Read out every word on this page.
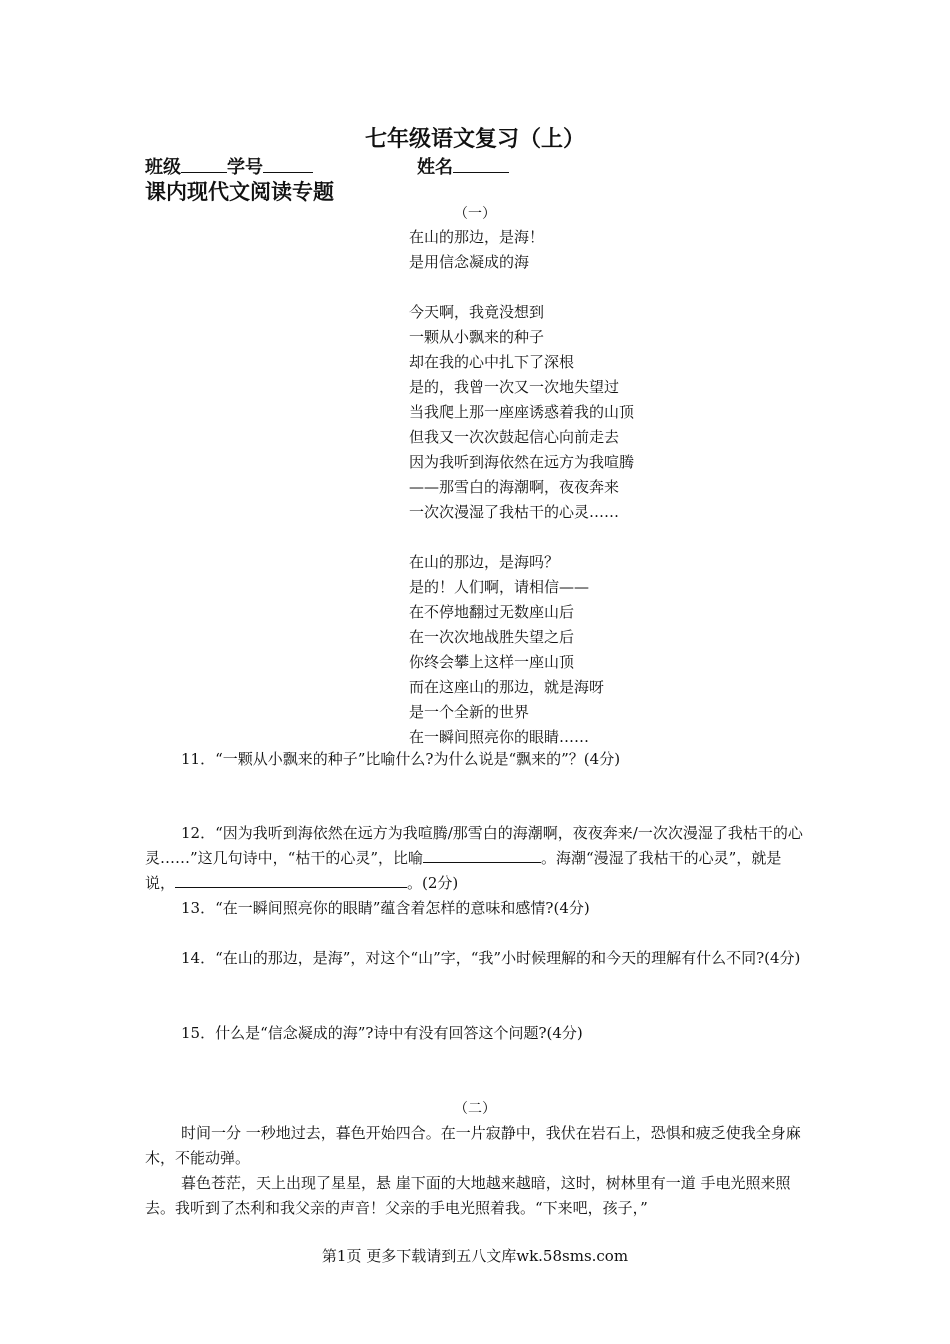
七年级语文复习（上）
班级	学号	姓名
课内现代文阅读专题
（一）
在山的那边，是海！
是用信念凝成的海
今天啊，我竟没想到
一颗从小飘来的种子
却在我的心中扎下了深根
是的，我曾一次又一次地失望过
当我爬上那一座座诱惑着我的山顶
但我又一次次鼓起信心向前走去
因为我听到海依然在远方为我喧腾
——那雪白的海潮啊，夜夜奔来
一次次漫湿了我枯干的心灵……
在山的那边，是海吗？
是的！人们啊，请相信——
在不停地翻过无数座山后
在一次次地战胜失望之后
你终会攀上这样一座山顶
而在这座山的那边，就是海呀
是一个全新的世界
在一瞬间照亮你的眼睛……

11．“一颗从小飘来的种子”比喻什么?为什么说是“飘来的”？(4分)

12．“因为我听到海依然在远方为我喧腾/那雪白的海潮啊，夜夜奔来/一次次漫湿了我枯干的心灵……”这几句诗中，“枯干的心灵”，比喻	。海潮“漫湿了我枯干的心灵”，就是说，	。(2分)

13．“在一瞬间照亮你的眼睛”蕴含着怎样的意味和感情?(4分)

14．“在山的那边，是海”，对这个“山”字，“我”小时候理解的和今天的理解有什么不同?(4分)

15．什么是“信念凝成的海”?诗中有没有回答这个问题?(4分)

（二）

时间一分 一秒地过去，暮色开始四合。在一片寂静中，我伏在岩石上，恐惧和疲乏使我全身麻木，不能动弹。

暮色苍茫，天上出现了星星，悬 崖下面的大地越来越暗，这时，树林里有一道 手电光照来照去。我听到了杰利和我父亲的声音！父亲的手电光照着我。“下来吧，孩子，”

第1页 更多下载请到五八文库wk.58sms.com
